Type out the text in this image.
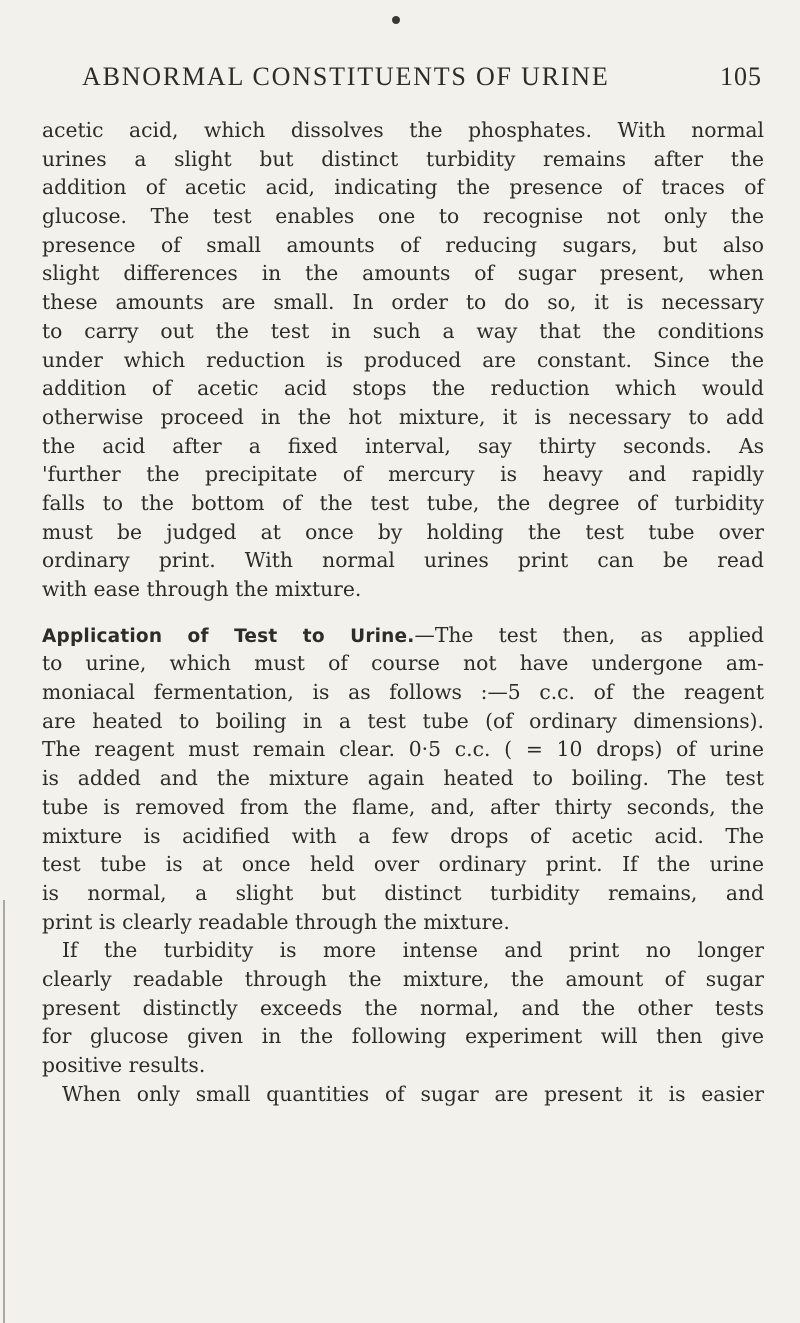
ABNORMAL CONSTITUENTS OF URINE	105
acetic acid, which dissolves the phosphates. With normal
urines a slight but distinct turbidity remains after the
addition of acetic acid, indicating the presence of traces of
glucose. The test enables one to recognise not only the
presence of small amounts of reducing sugars, but also
slight differences in the amounts of sugar present, when
these amounts are small. In order to do so, it is necessary
to carry out the test in such a way that the conditions
under which reduction is produced are constant. Since the
addition of acetic acid stops the reduction which would
otherwise proceed in the hot mixture, it is necessary to add
the acid after a fixed interval, say thirty seconds. As
'further the precipitate of mercury is heavy and rapidly
falls to the bottom of the test tube, the degree of turbidity
must be judged at once by holding the test tube over
ordinary print. With normal urines print can be read
with ease through the mixture.
Application of Test to Urine.—The test then, as applied
to urine, which must of course not have undergone am-
moniacal fermentation, is as follows :—5 c.c. of the reagent
are heated to boiling in a test tube (of ordinary dimensions).
The reagent must remain clear. 0·5 c.c. ( = 10 drops) of urine
is added and the mixture again heated to boiling. The test
tube is removed from the flame, and, after thirty seconds, the
mixture is acidified with a few drops of acetic acid. The
test tube is at once held over ordinary print. If the urine
is normal, a slight but distinct turbidity remains, and
print is clearly readable through the mixture.
If the turbidity is more intense and print no longer
clearly readable through the mixture, the amount of sugar
present distinctly exceeds the normal, and the other tests
for glucose given in the following experiment will then give
positive results.
When only small quantities of sugar are present it is easier
